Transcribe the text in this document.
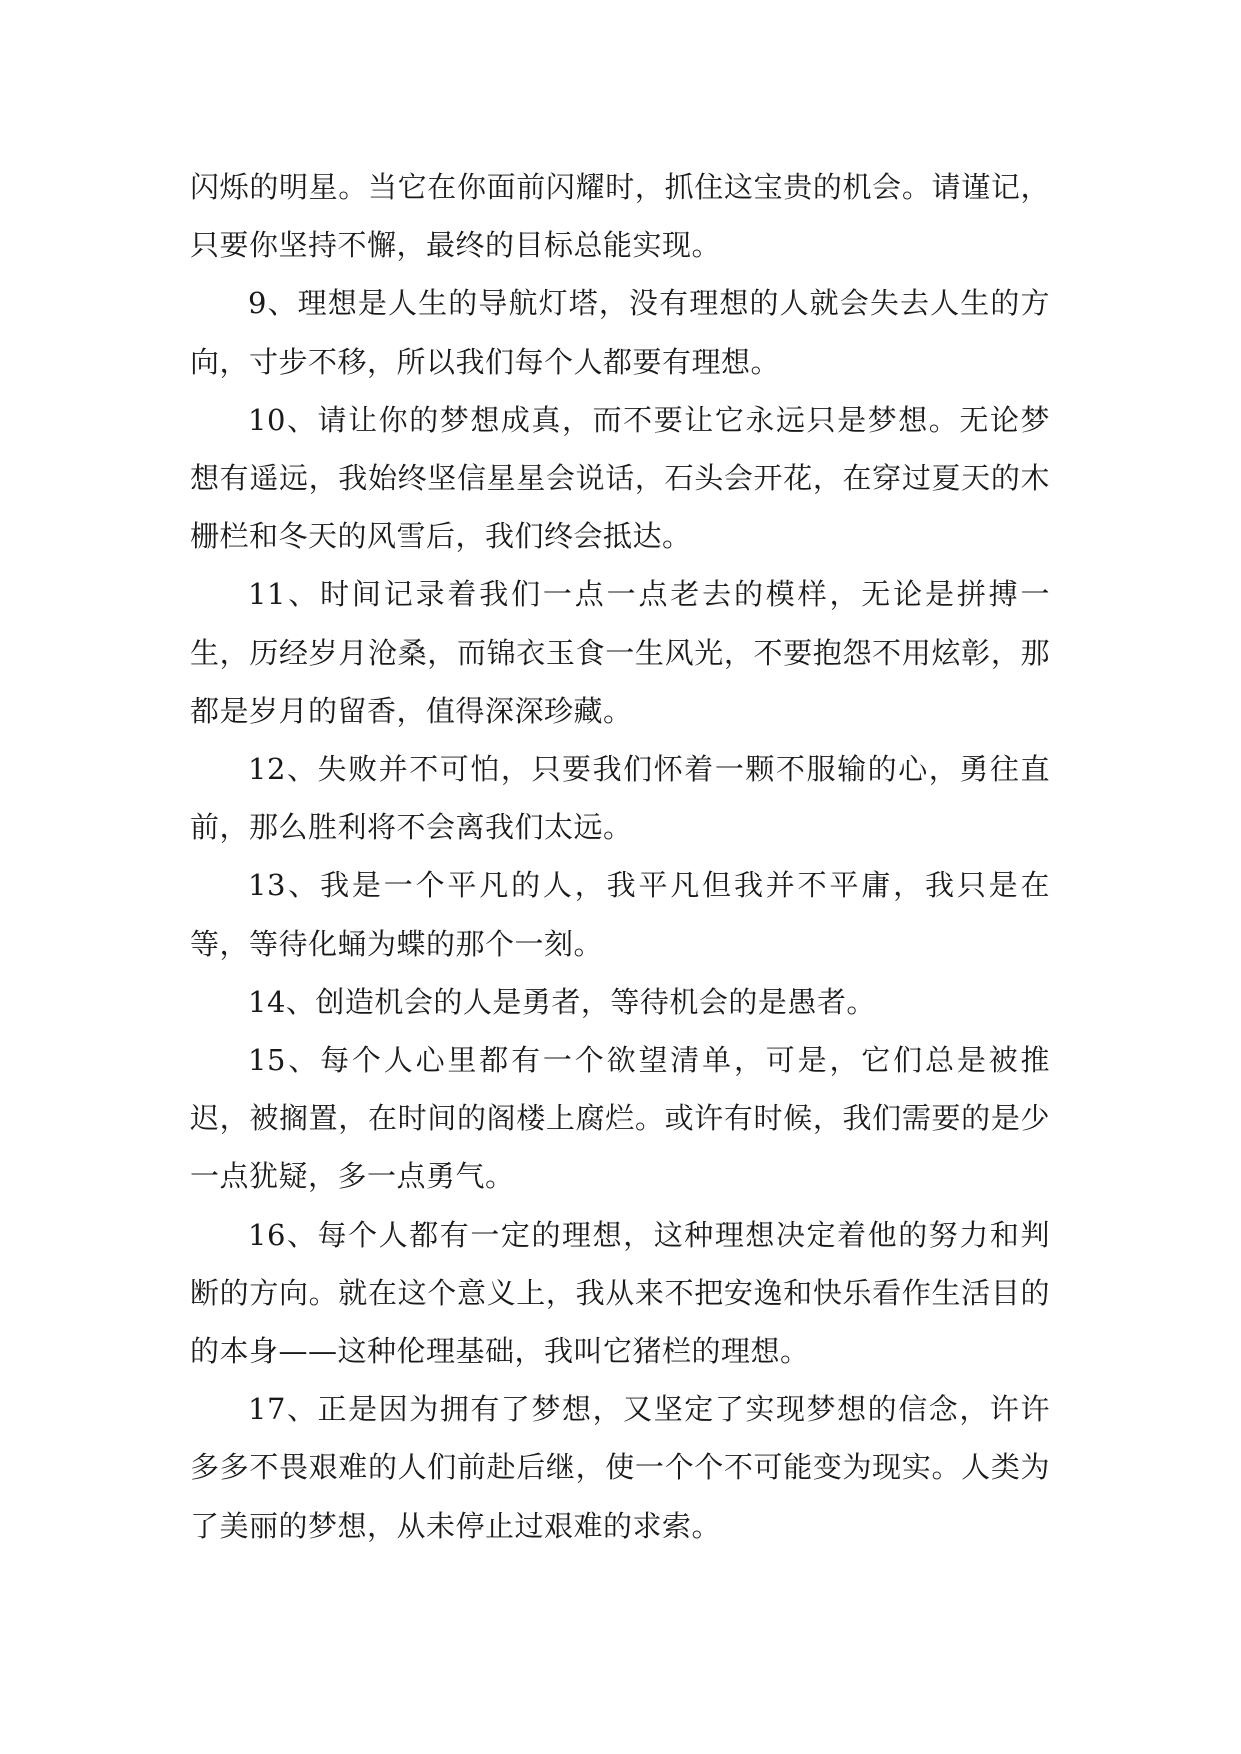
闪烁的明星。当它在你面前闪耀时，抓住这宝贵的机会。请谨记，只要你坚持不懈，最终的目标总能实现。

9、理想是人生的导航灯塔，没有理想的人就会失去人生的方向，寸步不移，所以我们每个人都要有理想。

10、请让你的梦想成真，而不要让它永远只是梦想。无论梦想有遥远，我始终坚信星星会说话，石头会开花，在穿过夏天的木栅栏和冬天的风雪后，我们终会抵达。

11、时间记录着我们一点一点老去的模样，无论是拼搏一生，历经岁月沧桑，而锦衣玉食一生风光，不要抱怨不用炫彰，那都是岁月的留香，值得深深珍藏。

12、失败并不可怕，只要我们怀着一颗不服输的心，勇往直前，那么胜利将不会离我们太远。

13、我是一个平凡的人，我平凡但我并不平庸，我只是在等，等待化蛹为蝶的那个一刻。

14、创造机会的人是勇者，等待机会的是愚者。

15、每个人心里都有一个欲望清单，可是，它们总是被推迟，被搁置，在时间的阁楼上腐烂。或许有时候，我们需要的是少一点犹疑，多一点勇气。

16、每个人都有一定的理想，这种理想决定着他的努力和判断的方向。就在这个意义上，我从来不把安逸和快乐看作生活目的的本身——这种伦理基础，我叫它猪栏的理想。

17、正是因为拥有了梦想，又坚定了实现梦想的信念，许许多多不畏艰难的人们前赴后继，使一个个不可能变为现实。人类为了美丽的梦想，从未停止过艰难的求索。
